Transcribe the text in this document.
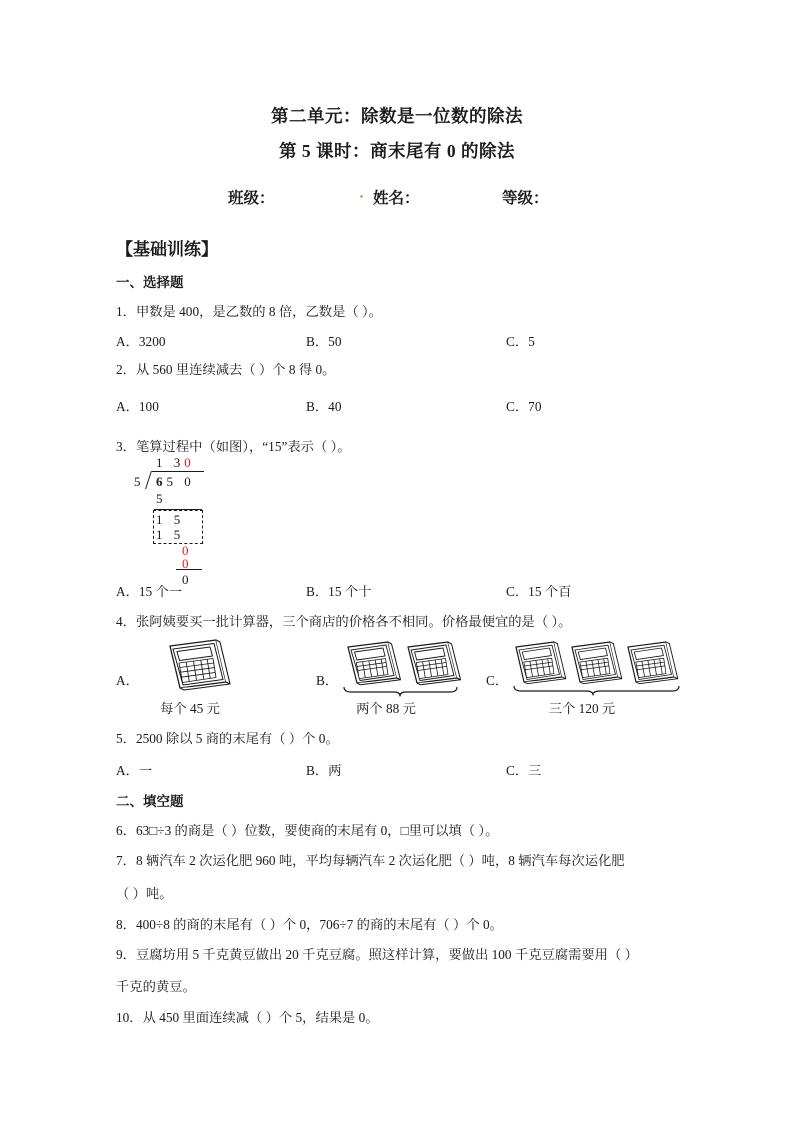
第二单元：除数是一位数的除法
第 5 课时：商末尾有 0 的除法
班级：	姓名：	等级：
【基础训练】
一、选择题
二、填空题
1．甲数是 400，是乙数的 8 倍，乙数是（ ）。
A．3200	B．50	C．5
2．从 560 里连续减去（ ）个 8 得 0。
A．100	B．40	C．70
3．笔算过程中（如图），“15”表示（ ）。
1 30
5 65 0
5
1 5
1 5
0
0
0
A．15 个一	B．15 个十	C．15 个百
4．张阿姨要买一批计算器，三个商店的价格各不相同。价格最便宜的是（ ）。
A．
每个 45 元
B．
两个 88 元
C．
三个 120 元
5．2500 除以 5 商的末尾有（ ）个 0。
A．一	B．两	C．三
6．63□÷3 的商是（ ）位数，要使商的末尾有 0，□里可以填（ ）。
7．8 辆汽车 2 次运化肥 960 吨，平均每辆汽车 2 次运化肥（ ）吨，8 辆汽车每次运化肥
（ ）吨。
8．400÷8 的商的末尾有（ ）个 0，706÷7 的商的末尾有（ ）个 0。
9．豆腐坊用 5 千克黄豆做出 20 千克豆腐。照这样计算，要做出 100 千克豆腐需要用（ ）
千克的黄豆。
10．从 450 里面连续减（ ）个 5，结果是 0。
